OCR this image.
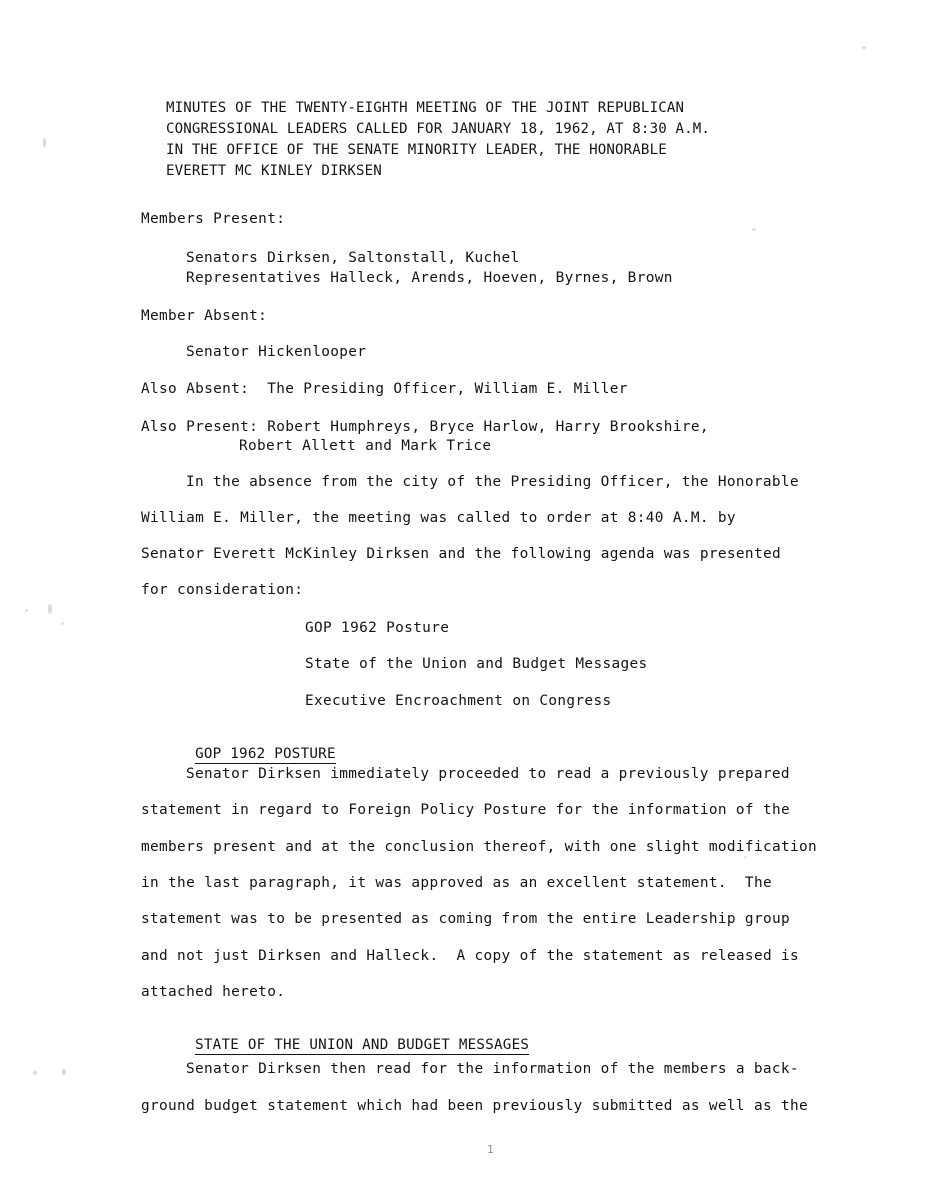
MINUTES OF THE TWENTY-EIGHTH MEETING OF THE JOINT REPUBLICAN
CONGRESSIONAL LEADERS CALLED FOR JANUARY 18, 1962, AT 8:30 A.M.
IN THE OFFICE OF THE SENATE MINORITY LEADER, THE HONORABLE
EVERETT MC KINLEY DIRKSEN
Members Present:
Senators Dirksen, Saltonstall, Kuchel
Representatives Halleck, Arends, Hoeven, Byrnes, Brown
Member Absent:
Senator Hickenlooper
Also Absent:  The Presiding Officer, William E. Miller
Also Present: Robert Humphreys, Bryce Harlow, Harry Brookshire,
Robert Allett and Mark Trice
In the absence from the city of the Presiding Officer, the Honorable
William E. Miller, the meeting was called to order at 8:40 A.M. by
Senator Everett McKinley Dirksen and the following agenda was presented
for consideration:
GOP 1962 Posture
State of the Union and Budget Messages
Executive Encroachment on Congress

GOP 1962 POSTURE

Senator Dirksen immediately proceeded to read a previously prepared
statement in regard to Foreign Policy Posture for the information of the
members present and at the conclusion thereof, with one slight modification
in the last paragraph, it was approved as an excellent statement.  The
statement was to be presented as coming from the entire Leadership group
and not just Dirksen and Halleck.  A copy of the statement as released is
attached hereto.

STATE OF THE UNION AND BUDGET MESSAGES

Senator Dirksen then read for the information of the members a back-
ground budget statement which had been previously submitted as well as the
1
